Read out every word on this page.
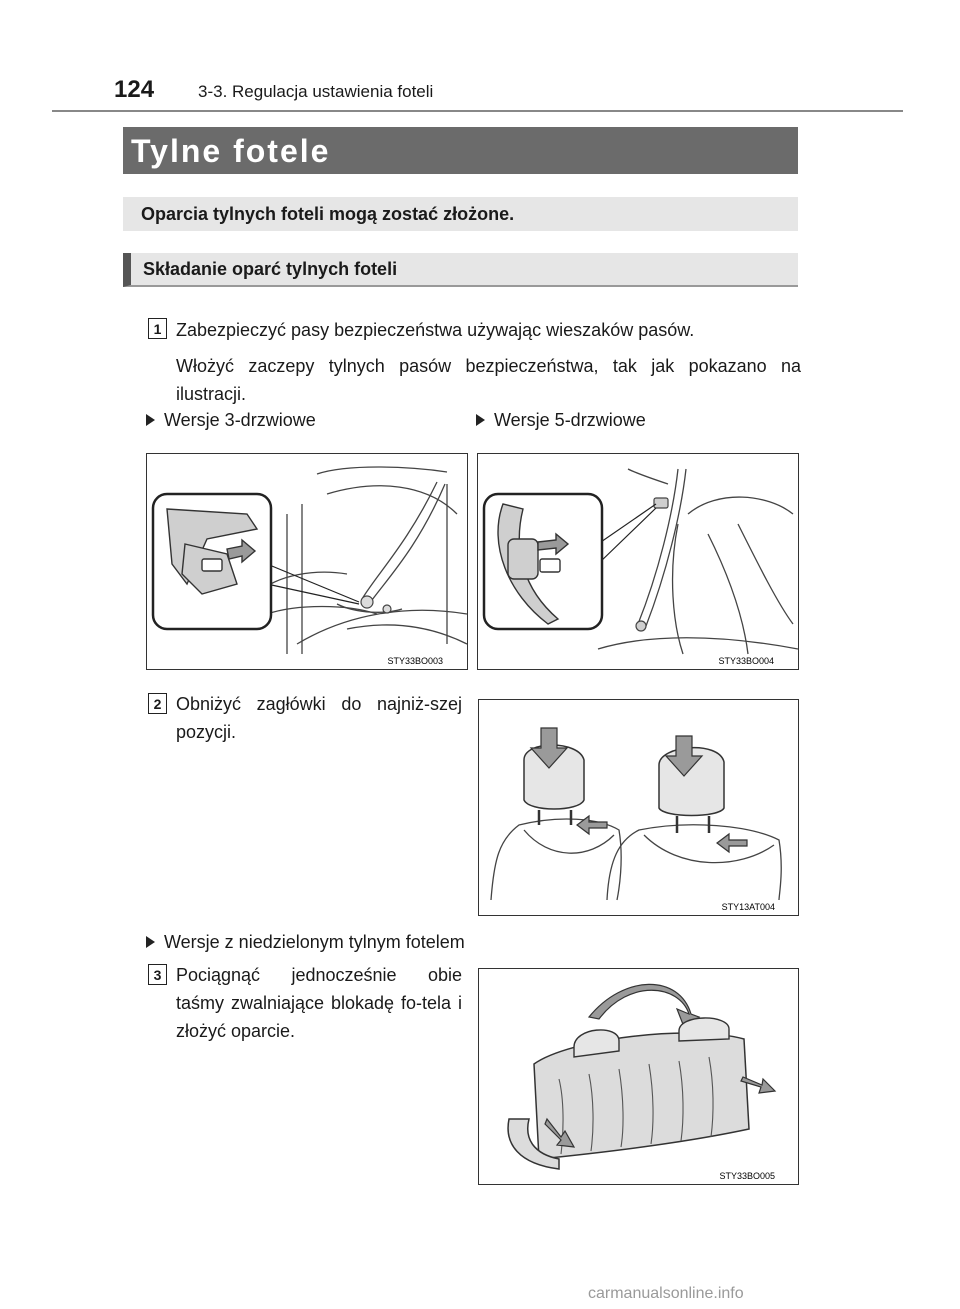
124	3-3. Regulacja ustawienia foteli
Tylne fotele
Oparcia tylnych foteli mogą zostać złożone.
Składanie oparć tylnych foteli
1 Zabezpieczyć pasy bezpieczeństwa używając wieszaków pasów.
Włożyć zaczepy tylnych pasów bezpieczeństwa, tak jak pokazano na ilustracji.
Wersje 3-drzwiowe	Wersje 5-drzwiowe
STY33BO003	STY33BO004
2 Obniżyć zagłówki do najniż-szej pozycji.
STY13AT004
Wersje z niedzielonym tylnym fotelem
3 Pociągnąć jednocześnie obie taśmy zwalniające blokadę fo-tela i złożyć oparcie.
STY33BO005
carmanualsonline.info
